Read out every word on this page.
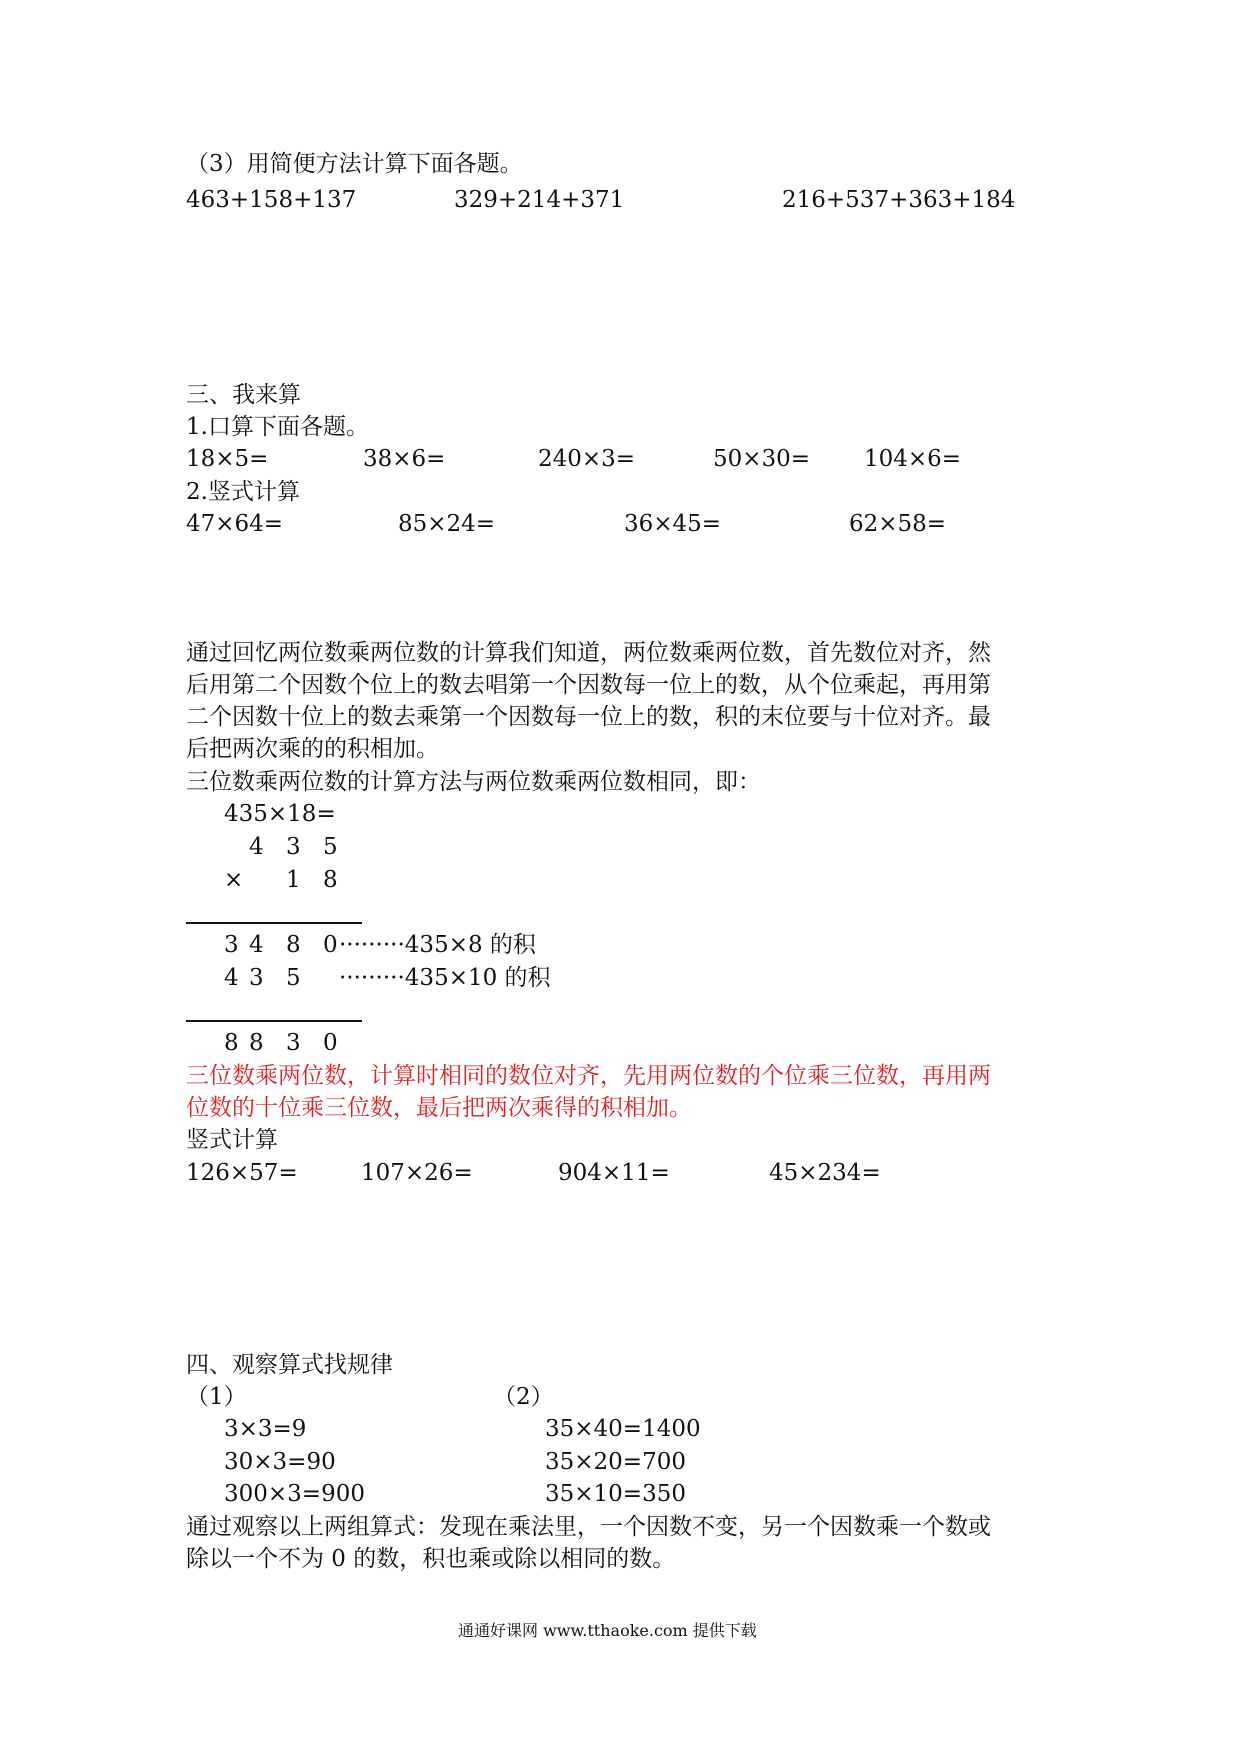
（3）用简便方法计算下面各题。
463+158+137	329+214+371	216+537+363+184
三、我来算
1.口算下面各题。
18×5=	38×6=	240×3=	50×30= 104×6=
2.竖式计算
47×64=	85×24=	36×45=	62×58=
通过回忆两位数乘两位数的计算我们知道，两位数乘两位数，首先数位对齐，然
后用第二个因数个位上的数去唱第一个因数每一位上的数，从个位乘起，再用第
二个因数十位上的数去乘第一个因数每一位上的数，积的末位要与十位对齐。最
后把两次乘的的积相加。
三位数乘两位数的计算方法与两位数乘两位数相同，即：
435×18=
4 3 5
× 1 8
3 4 8 0 ·········435×8 的积
4 3 5 ·········435×10 的积
8 8 3 0
三位数乘两位数，计算时相同的数位对齐，先用两位数的个位乘三位数，再用两
位数的十位乘三位数，最后把两次乘得的积相加。
竖式计算
126×57=	107×26=	904×11=	45×234=
四、观察算式找规律
（1）	（2）
3×3=9
30×3=90
300×3=900
35×40=1400
35×20=700
35×10=350
通过观察以上两组算式：发现在乘法里，一个因数不变，另一个因数乘一个数或
除以一个不为 0 的数，积也乘或除以相同的数。
通通好课网 www.tthaoke.com 提供下载
